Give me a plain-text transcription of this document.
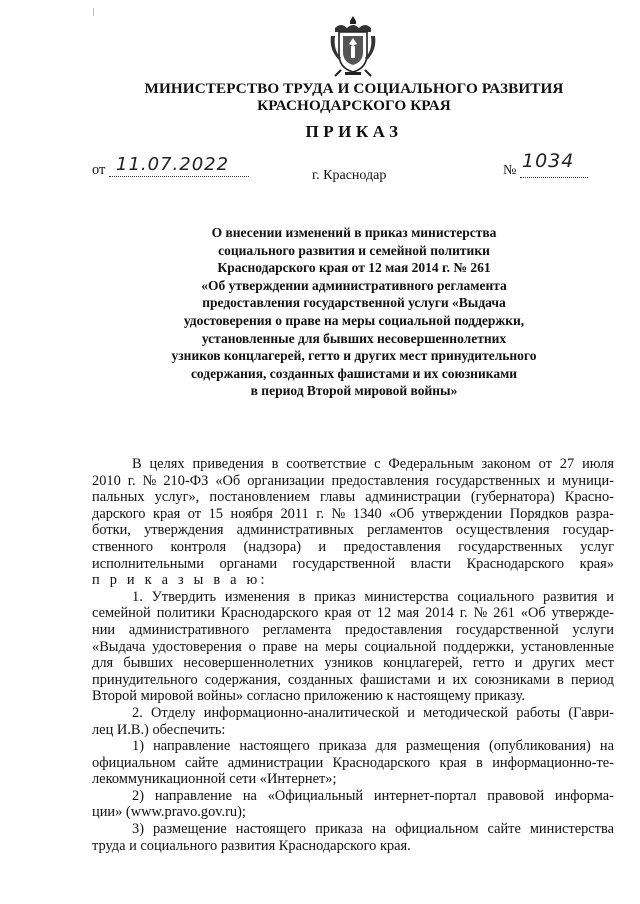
МИНИСТЕРСТВО ТРУДА И СОЦИАЛЬНОГО РАЗВИТИЯ
КРАСНОДАРСКОГО КРАЯ
ПРИКАЗ
от 11.07.2022
г. Краснодар	№ 1034
О внесении изменений в приказ министерства
социального развития и семейной политики
Краснодарского края от 12 мая 2014 г. № 261
«Об утверждении административного регламента
предоставления государственной услуги «Выдача
удостоверения о праве на меры социальной поддержки,
установленные для бывших несовершеннолетних
узников концлагерей, гетто и других мест принудительного
содержания, созданных фашистами и их союзниками
в период Второй мировой войны»
В целях приведения в соответствие с Федеральным законом от 27 июля
2010 г. № 210-ФЗ «Об организации предоставления государственных и муници-
пальных услуг», постановлением главы администрации (губернатора) Красно-
дарского края от 15 ноября 2011 г. № 1340 «Об утверждении Порядков разра-
ботки, утверждения административных регламентов осуществления государ-
ственного контроля (надзора) и предоставления государственных услуг
исполнительными органами государственной власти Краснодарского края»
п р и к а з ы в а ю:
1. Утвердить изменения в приказ министерства социального развития и
семейной политики Краснодарского края от 12 мая 2014 г. № 261 «Об утвержде-
нии административного регламента предоставления государственной услуги
«Выдача удостоверения о праве на меры социальной поддержки, установленные
для бывших несовершеннолетних узников концлагерей, гетто и других мест
принудительного содержания, созданных фашистами и их союзниками в период
Второй мировой войны» согласно приложению к настоящему приказу.
2. Отделу информационно-аналитической и методической работы (Гаври-
лец И.В.) обеспечить:
1) направление настоящего приказа для размещения (опубликования) на
официальном сайте администрации Краснодарского края в информационно-те-
лекоммуникационной сети «Интернет»;
2) направление на «Официальный интернет-портал правовой информа-
ции» (www.pravo.gov.ru);
3) размещение настоящего приказа на официальном сайте министерства
труда и социального развития Краснодарского края.
